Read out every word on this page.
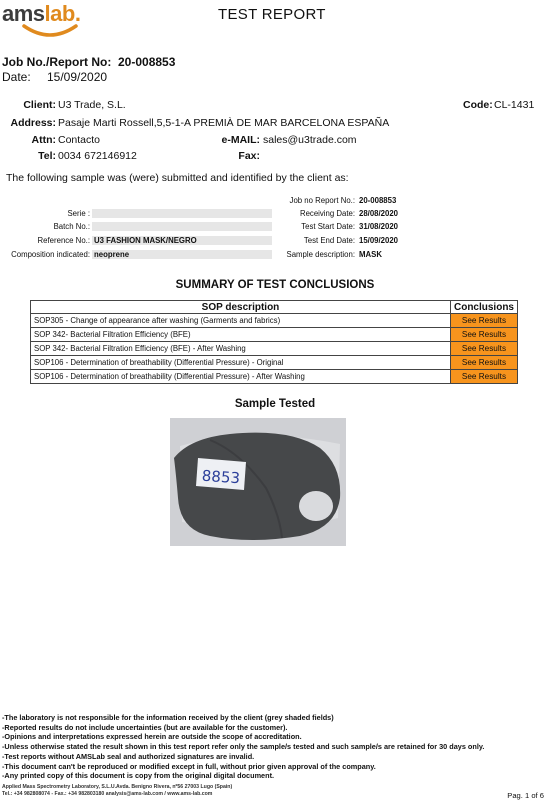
amslab.	TEST REPORT
Job No./Report No: 20-008853
Date: 15/09/2020
Client: U3 Trade, S.L.	Code: CL-1431
Address: Pasaje Marti Rossell,5,5-1-A PREMIÀ DE MAR BARCELONA ESPAÑA
Attn: Contacto	e-MAIL: sales@u3trade.com
Tel: 0034 672146912	Fax:
The following sample was (were) submitted and identified by the client as:
Serie :
Batch No.:
Reference No.: U3 FASHION MASK/NEGRO
Composition indicated: neoprene
Job no Report No.: 20-008853
Receiving Date: 28/08/2020
Test Start Date: 31/08/2020
Test End Date: 15/09/2020
Sample description: MASK
SUMMARY OF TEST CONCLUSIONS
SOP description	Conclusions
SOP305 - Change of appearance after washing (Garments and fabrics)	See Results
SOP 342- Bacterial Filtration Efficiency (BFE)	See Results
SOP 342- Bacterial Filtration Efficiency (BFE) - After Washing	See Results
SOP106 - Determination of breathability (Differential Pressure) - Original	See Results
SOP106 - Determination of breathability (Differential Pressure) - After Washing	See Results
Sample Tested
8853
-The laboratory is not responsible for the information received by the client (grey shaded fields)
-Reported results do not include uncertainties (but are available for the customer).
-Opinions and interpretations expressed herein are outside the scope of accreditation.
-Unless otherwise stated the result shown in this test report refer only the sample/s tested and such sample/s are retained for 30 days only.
-Test reports without AMSLab seal and authorized signatures are invalid.
-This document can't be reproduced or modified except in full, without prior given approval of the company.
-Any printed copy of this document is copy from the original digital document.
Applied Mass Spectrometry Laboratory, S.L.U.Avda. Benigno Rivera, nº56 27003 Lugo (Spain)
Tel.: +34 982808074 - Fax.: +34 982803180 analysis@ams-lab.com / www.ams-lab.com	Pag. 1 of 6
